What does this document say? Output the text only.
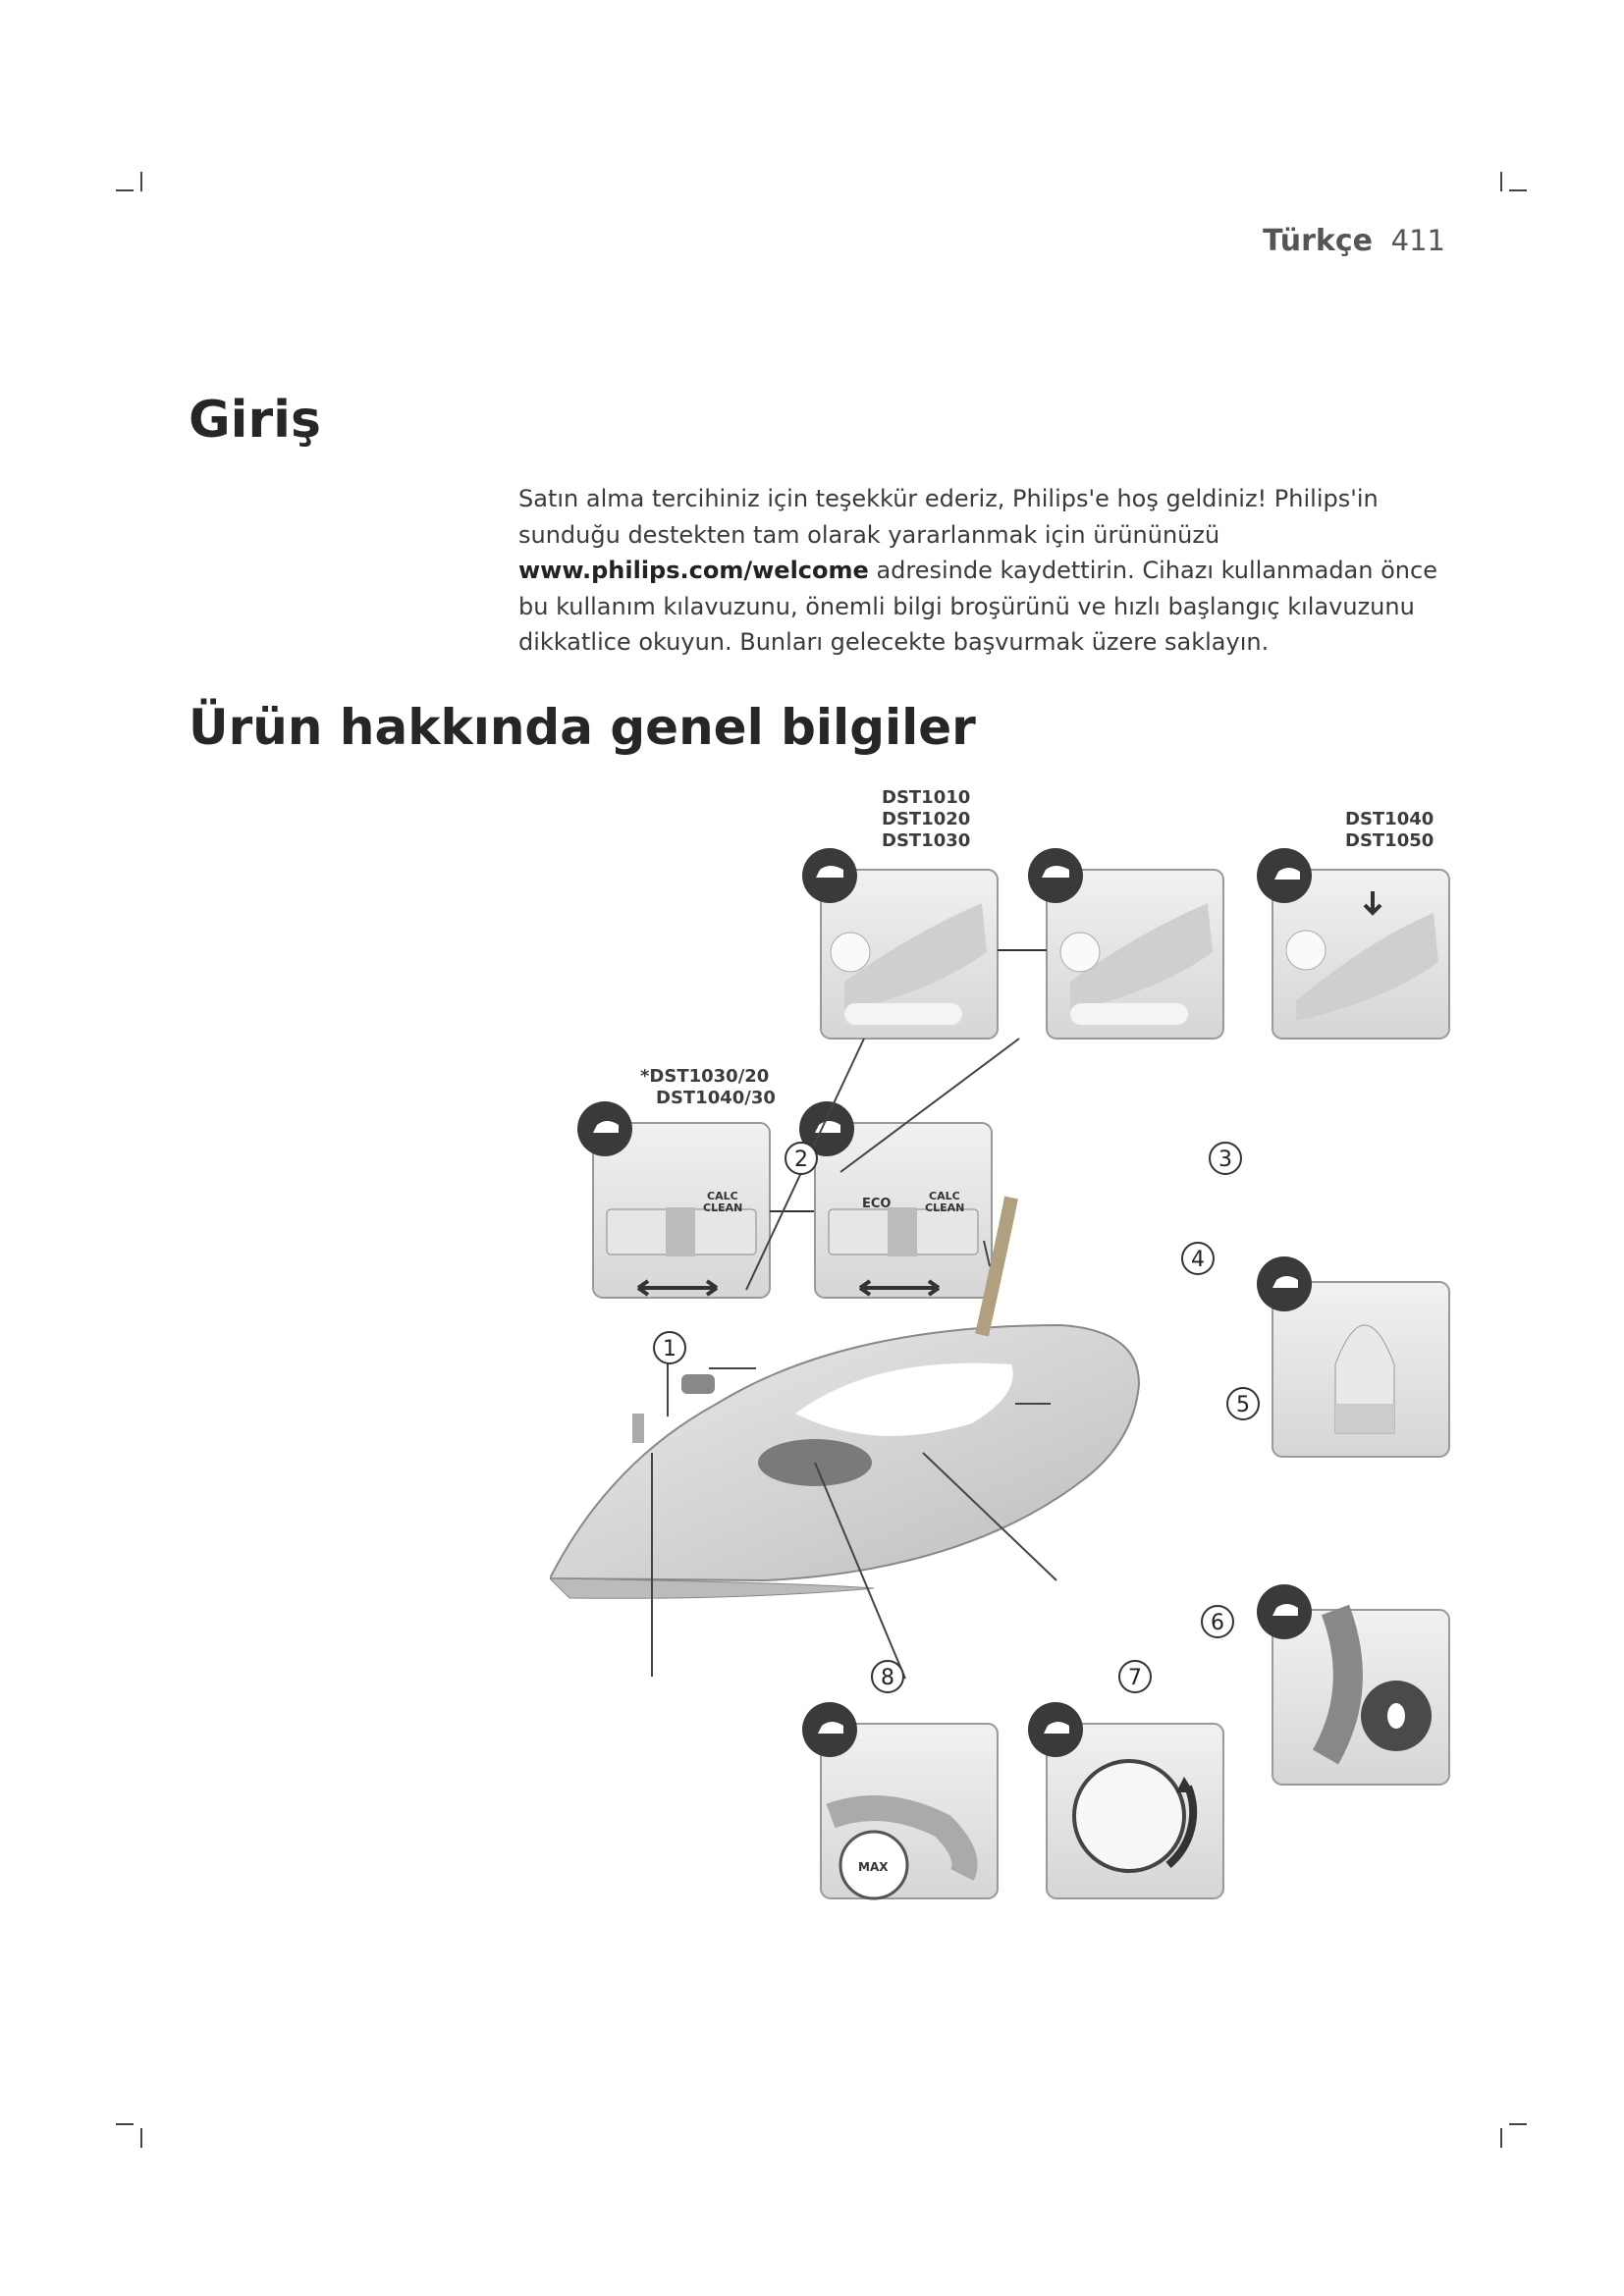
Türkçe 411
Giriş
Satın alma tercihiniz için teşekkür ederiz, Philips'e hoş geldiniz! Philips'in sunduğu destekten tam olarak yararlanmak için ürününüzü www.philips.com/welcome adresinde kaydettirin. Cihazı kullanmadan önce bu kullanım kılavuzunu, önemli bilgi broşürünü ve hızlı başlangıç kılavuzunu dikkatlice okuyun. Bunları gelecekte başvurmak üzere saklayın.
Ürün hakkında genel bilgiler
DST1010
DST1020
DST1030
DST1040
DST1050
*DST1030/20
DST1040/30
CALC
CLEAN	ECO
CALC
CLEAN
MAX
1
2	3
4
5
6
7
8
